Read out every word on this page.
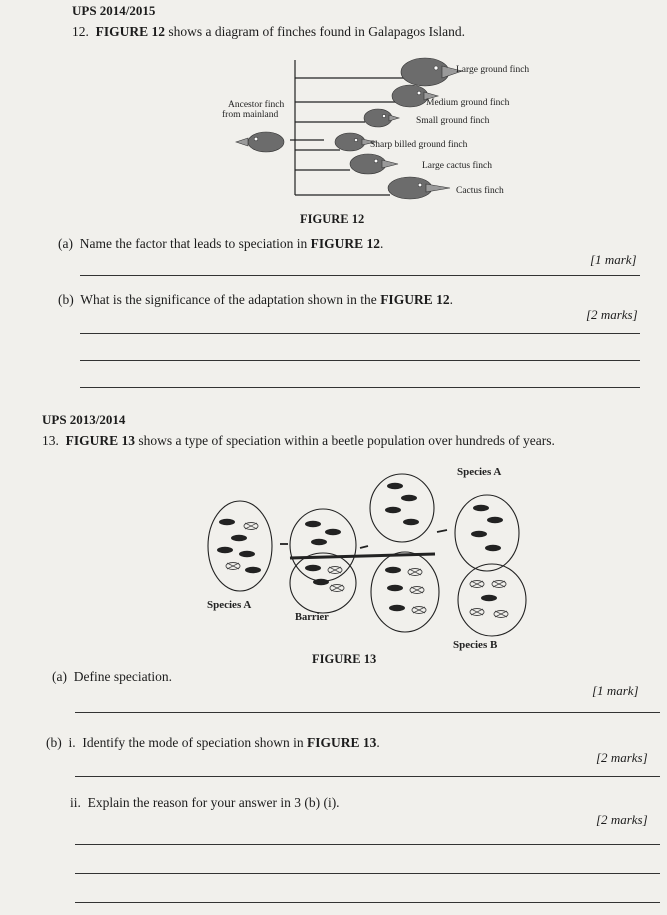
UPS 2014/2015
12. FIGURE 12 shows a diagram of finches found in Galapagos Island.
Ancestor finch
from mainland
Large ground finch
Medium ground finch
Small ground finch
Sharp billed ground finch
Large cactus finch
Cactus finch
FIGURE 12
(a) Name the factor that leads to speciation in FIGURE 12.
[1 mark]
(b) What is the significance of the adaptation shown in the FIGURE 12.
[2 marks]
UPS 2013/2014
13. FIGURE 13 shows a type of speciation within a beetle population over hundreds of years.
Species A
Species A
Barrier
Species B
FIGURE 13
(a) Define speciation.
[1 mark]
(b) i. Identify the mode of speciation shown in FIGURE 13.
[2 marks]
ii. Explain the reason for your answer in 3 (b) (i).
[2 marks]
